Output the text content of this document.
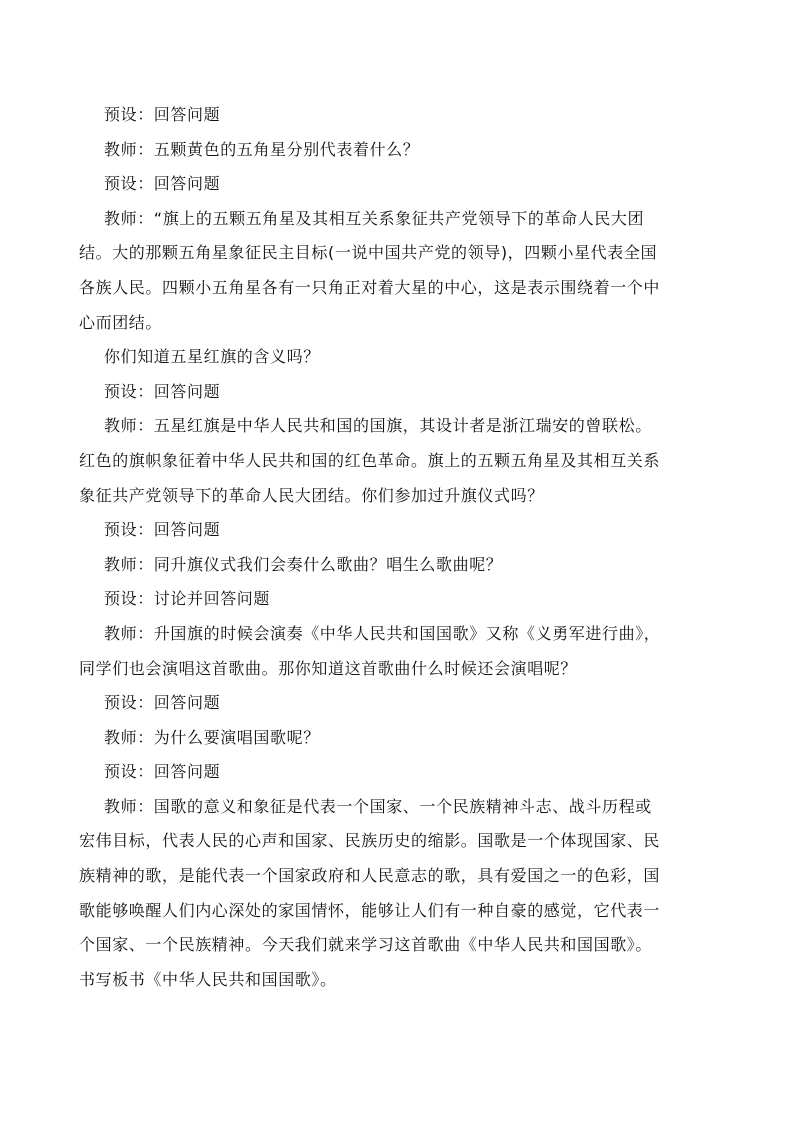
预设：回答问题

教师：五颗黄色的五角星分别代表着什么？

预设：回答问题

教师：“旗上的五颗五角星及其相互关系象征共产党领导下的革命人民大团
结。大的那颗五角星象征民主目标(一说中国共产党的领导)，四颗小星代表全国
各族人民。四颗小五角星各有一只角正对着大星的中心，这是表示围绕着一个中
心而团结。

你们知道五星红旗的含义吗？

预设：回答问题

教师：五星红旗是中华人民共和国的国旗，其设计者是浙江瑞安的曾联松。
红色的旗帜象征着中华人民共和国的红色革命。旗上的五颗五角星及其相互关系
象征共产党领导下的革命人民大团结。你们参加过升旗仪式吗？

预设：回答问题

教师：同升旗仪式我们会奏什么歌曲？唱生么歌曲呢？

预设：讨论并回答问题

教师：升国旗的时候会演奏《中华人民共和国国歌》又称《义勇军进行曲》，
同学们也会演唱这首歌曲。那你知道这首歌曲什么时候还会演唱呢？

预设：回答问题

教师：为什么要演唱国歌呢？

预设：回答问题

教师：国歌的意义和象征是代表一个国家、一个民族精神斗志、战斗历程或
宏伟目标，代表人民的心声和国家、民族历史的缩影。国歌是一个体现国家、民
族精神的歌，是能代表一个国家政府和人民意志的歌，具有爱国之一的色彩，国
歌能够唤醒人们内心深处的家国情怀，能够让人们有一种自豪的感觉，它代表一
个国家、一个民族精神。今天我们就来学习这首歌曲《中华人民共和国国歌》。
书写板书《中华人民共和国国歌》。
